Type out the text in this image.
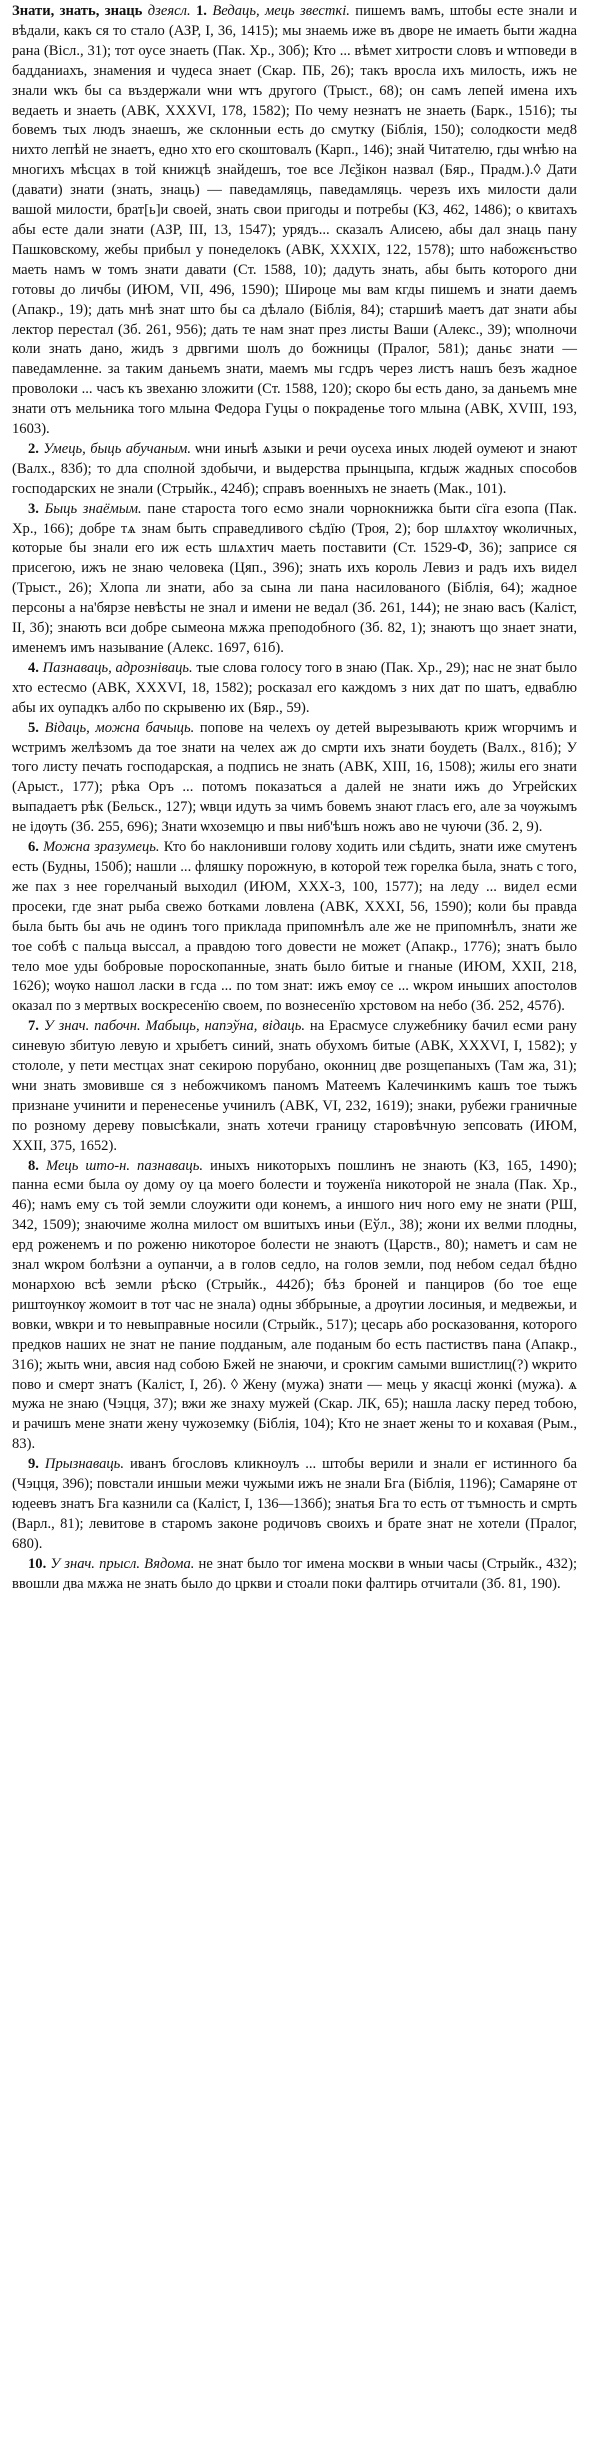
Знати, знать, знаць дзеясл. 1. Ведаць, мець звесткі. пишемъ вамъ, штобы есте знали и вѣдали, какъ ся то стало (АЗР, I, 36, 1415); мы знаемь иже въ дворе не имаеть быти жадна рана (Віcл., 31); тот оусе знаеть (Пак. Хр., 30б); Кто ... вѣмет хитрости словъ и ѡтповеди в бадданиахъ, знамения и чудеса знает (Скар. ПБ, 26); такъ вросла ихъ милость, ижъ не знали ѡкъ бы са въздержали ѡни ѡтъ другого (Трыст., 68); он самъ лепей имена ихъ ведаеть и знаеть (АВК, XXXVI, 178, 1582); По чему незнатъ не знаеть (Барк., 1516); ты бовемъ тых людъ знаешъ, же склонныи есть до смутку (Біблія, 150); солодкости мед8 нихто лепѣй не знаетъ, едно хто его скоштовалъ (Карп., 146); знай Читателю, гды ѡнѣю на многихъ мѣсцах в той книжцѣ знайдешъ, тое все Лєѯiкон назвал (Бяр., Прадм.).◊ Дати (давати) знати (знать, знаць) — паведамляць, паведамляць. черезъ ихъ милости дали вашой милости, брат[ь]и своей, знать свои пригоды и потребы (КЗ, 462, 1486); о квитахъ абы есте дали знати (АЗР, III, 13, 1547); урядъ... сказалъ Алисею, абы дал знаць пану Пашковскому, жебы прибыл у понеделокъ (АВК, XXXIX, 122, 1578); што набожєнъство маеть намъ ѡ томъ знати давати (Ст. 1588, 10); дадуть знать, абы быть которого дни готовы до личбы (ИЮМ, VII, 496, 1590); Широце мы вам кгды пишемъ и знати даемъ (Апакр., 19); дать мнѣ знат што бы са дѣлало (Біблія, 84); старшиѣ маетъ дат знати абы лектор перестал (Зб. 261, 956); дать те нам знат през листы Ваши (Алекс., 39); ѡполночи коли знать дано, жидъ з дрвгими шолъ до божницы (Пралог, 581); даньє знати — паведамленне. за таким даньемъ знати, маемъ мы гсдръ через листъ нашъ безъ жадное проволоки ... часъ къ звеханю зложити (Ст. 1588, 120); скоро бы есть дано, за даньемъ мне знати отъ мельника того млына Федора Гуцы о покраденье того млына (АВК, XVIII, 193, 1603).

2. Умець, быць абучаным. ѡни иныѣ ѧзыки и речи оусеха иных людей оумеют и знают (Валх., 83б); то дла сполной здобычи, и выдерства прынцыпа, кгдыж жадных способов господарских не знали (Стрыйк., 424б); справъ военныхъ не знаеть (Мак., 101).

3. Быць знаёмым. пане староста того есмо знали чорнокнижка быти сїга езопа (Пак. Хр., 166); добре тѧ знам быть справедливого сѣдїю (Троя, 2); бор шлѧхтѹ ѡколичных, которые бы знали его иж есть шлѧхтич маеть поставити (Ст. 1529-Ф, 36); заприсе ся присегою, ижъ не знаю человека (Цяп., 396); знать ихъ король Левиз и радъ ихъ видел (Трыст., 26); Хлопа ли знати, або за сына ли пана насилованого (Біблія, 64); жадное персоны а на'бярзе невѣсты не знал и имени не ведал (Зб. 261, 144); не знаю васъ (Каліст, II, 3б); знають вси добре сымеона мѫжа преподобного (Зб. 82, 1); знаютъ що знает знати, именемъ имъ называние (Алекс. 1697, 61б).

4. Пазнаваць, адрозніваць. тые слова голосу того в знаю (Пак. Хр., 29); нас не знат было хто естесмо (АВК, XXXVI, 18, 1582); росказал его каждомъ з них дат по шатъ, едваблю абы их оупадкъ албо по скрывеню их (Бяр., 59).

5. Відаць, можна бачыць. попове на челехъ оу детей вырезывають криж ѡгорчимъ и ѡстримъ желѣзомъ да тое знати на челех аж до смрти ихъ знати боудеть (Валх., 81б); У того листу печать господарская, а подпись не знать (АВК, XIII, 16, 1508); жилы его знати (Арыст., 177); рѣка Оръ ... потомъ показаться а далей не знати ижъ до Угрейских выпадаетъ рѣк (Бельск., 127); ѡвци идуть за чимъ бовемъ знают гласъ его, але за чѹжымъ не ідѹть (Зб. 255, 696); Знати ѡхоземцю и пвы ниб'ѣшъ ножъ аво не чуючи (Зб. 2, 9).

6. Можна зразумець. Кто бо наклонивши голову ходить или сѣдить, знати иже смутенъ есть (Будны, 150б); нашли ... фляшку порожную, в которой теж горелка была, знать с того, же пах з нее горелчаный выходил (ИЮМ, XXX-3, 100, 1577); на леду ... видел есми просеки, где знат рыба свежо ботками ловлена (АВК, XXXI, 56, 1590); коли бы правда была быть бы ачь не одинъ того приклада припомнѣлъ але же не припомнѣлъ, знати же тое собѣ с пальца выссал, а правдою того довести не может (Апакр., 1776); знатъ было тело мое уды бобровые пороскопанные, знать было битые и гнаные (ИЮМ, XXII, 218, 1626); ѡѹко нашол ласки в гсда ... по том знат: ижъ емѹ се ... ѡкром иныших апостолов оказал по з мертвых воскресенїю своем, по вознесенїю хрстовом на небо (Зб. 252, 457б).

7. У знач. пабочн. Мабыць, напэўна, відаць. на Ерасмусе служебнику бачил есми рану синевую збитую левую и хрыбетъ синий, знать обухомъ битые (АВК, XXXVI, I, 1582); у стололе, у пети местцах знат секирою порубано, оконниц две розщепаныхъ (Там жа, 31); ѡни знать змовивше ся з небожчикомъ паномъ Матеемъ Калечинкимъ кашъ тое тыжъ признане учинити и перенесенье учинилъ (АВК, VI, 232, 1619); знаки, рубежи граничные по розному дереву повысѣкали, знать хотечи границу старовѣчную зепсовать (ИЮМ, XXII, 375, 1652).

8. Мець што-н. пазнаваць. иныхъ никоторыхъ пошлинъ не знають (КЗ, 165, 1490); панна есми была оу дому оу ца моего болести и тоуженїа никоторой не знала (Пак. Хр., 46); намъ ему съ той земли слоужити оди конемъ, а иншого нич ного ему не знати (РШ, 342, 1509); знаючиме жолна милост ом вшитыхъ иньи (Еўл., 38); жони их велми плодны, ерд роженемъ и по роженю никоторое болести не знаютъ (Царств., 80); наметъ и сам не знал ѡкром болѣзни а оупанчи, а в голов седло, на голов земли, под небом седал бѣдно монархою всѣ земли рѣско (Стрыйк., 442б); бѣз броней и панциров (бо тое еще риштѹнкѹ жомоит в тот час не знала) одны зббрыные, а дрѹгии лосиныя, и медвежьи, и вовки, ѡвкри и то невыправные носили (Стрыйк., 517); цесарь або росказовання, которого предков наших не знат не пание подданым, але поданым бо есть пастиствъ пана (Апакр., 316); жыть ѡни, авсия над собою Бжей не знаючи, и срокгим самыми вшистлиц(?) ѡкрито пово и смерт знатъ (Каліст, I, 2б). ◊ Жену (мужа) знати — мець у якасці жонкі (мужа). ѧ мужа не знаю (Чэцця, 37); вжи же знаху мужей (Скар. ЛК, 65); нашла ласку перед тобою, и рачишъ мене знати жену чужоземку (Біблія, 104); Кто не знает жены то и кохавая (Рым., 83).

9. Прызнаваць. иванъ бгословъ кликноулъ ... штобы верили и знали ег истинного ба (Чэцця, 396); повстали иншыи межи чужыми ижъ не знали Бга (Біблія, 1196); Самаряне от юдеевъ знатъ Бга казнили са (Каліст, I, 136—136б); знатья Бга то есть от тъмность и смрть (Варл., 81); левитове в старомъ законе родичовъ своихъ и брате знат не хотели (Пралог, 680).

10. У знач. прысл. Вядома. не знат было тог имена москви в ѡныи часы (Стрыйк., 432); ввошли два мѫжа не знать было до цркви и стоали поки фалтирь отчитали (Зб. 81, 190).
